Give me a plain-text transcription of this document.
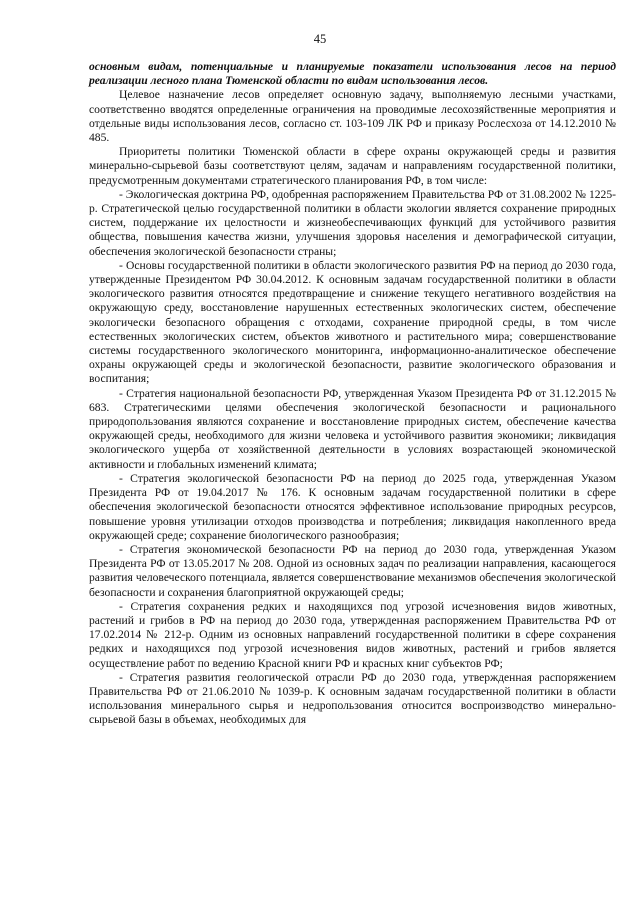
45

основным видам, потенциальные и планируемые показатели использования лесов на период реализации лесного плана Тюменской области по видам использования лесов.

Целевое назначение лесов определяет основную задачу, выполняемую лесными участками, соответственно вводятся определенные ограничения на проводимые лесохозяйственные мероприятия и отдельные виды использования лесов, согласно ст. 103-109 ЛК РФ и приказу Рослесхоза от 14.12.2010 № 485.

Приоритеты политики Тюменской области в сфере охраны окружающей среды и развития минерально-сырьевой базы соответствуют целям, задачам и направлениям государственной политики, предусмотренным документами стратегического планирования РФ, в том числе:

- Экологическая доктрина РФ, одобренная распоряжением Правительства РФ от 31.08.2002 № 1225-р. Стратегической целью государственной политики в области экологии является сохранение природных систем, поддержание их целостности и жизнеобеспечивающих функций для устойчивого развития общества, повышения качества жизни, улучшения здоровья населения и демографической ситуации, обеспечения экологической безопасности страны;

- Основы государственной политики в области экологического развития РФ на период до 2030 года, утвержденные Президентом РФ 30.04.2012. К основным задачам государственной политики в области экологического развития относятся предотвращение и снижение текущего негативного воздействия на окружающую среду, восстановление нарушенных естественных экологических систем, обеспечение экологически безопасного обращения с отходами, сохранение природной среды, в том числе естественных экологических систем, объектов животного и растительного мира; совершенствование системы государственного экологического мониторинга, информационно-аналитическое обеспечение охраны окружающей среды и экологической безопасности, развитие экологического образования и воспитания;

- Стратегия национальной безопасности РФ, утвержденная Указом Президента РФ от 31.12.2015 № 683. Стратегическими целями обеспечения экологической безопасности и рационального природопользования являются сохранение и восстановление природных систем, обеспечение качества окружающей среды, необходимого для жизни человека и устойчивого развития экономики; ликвидация экологического ущерба от хозяйственной деятельности в условиях возрастающей экономической активности и глобальных изменений климата;

- Стратегия экологической безопасности РФ на период до 2025 года, утвержденная Указом Президента РФ от 19.04.2017 № 176. К основным задачам государственной политики в сфере обеспечения экологической безопасности относятся эффективное использование природных ресурсов, повышение уровня утилизации отходов производства и потребления; ликвидация накопленного вреда окружающей среде; сохранение биологического разнообразия;

- Стратегия экономической безопасности РФ на период до 2030 года, утвержденная Указом Президента РФ от 13.05.2017 № 208. Одной из основных задач по реализации направления, касающегося развития человеческого потенциала, является совершенствование механизмов обеспечения экологической безопасности и сохранения благоприятной окружающей среды;

- Стратегия сохранения редких и находящихся под угрозой исчезновения видов животных, растений и грибов в РФ на период до 2030 года, утвержденная распоряжением Правительства РФ от 17.02.2014 № 212-р. Одним из основных направлений государственной политики в сфере сохранения редких и находящихся под угрозой исчезновения видов животных, растений и грибов является осуществление работ по ведению Красной книги РФ и красных книг субъектов РФ;

- Стратегия развития геологической отрасли РФ до 2030 года, утвержденная распоряжением Правительства РФ от 21.06.2010 № 1039-р. К основным задачам государственной политики в области использования минерального сырья и недропользования относится воспроизводство минерально-сырьевой базы в объемах, необходимых для
